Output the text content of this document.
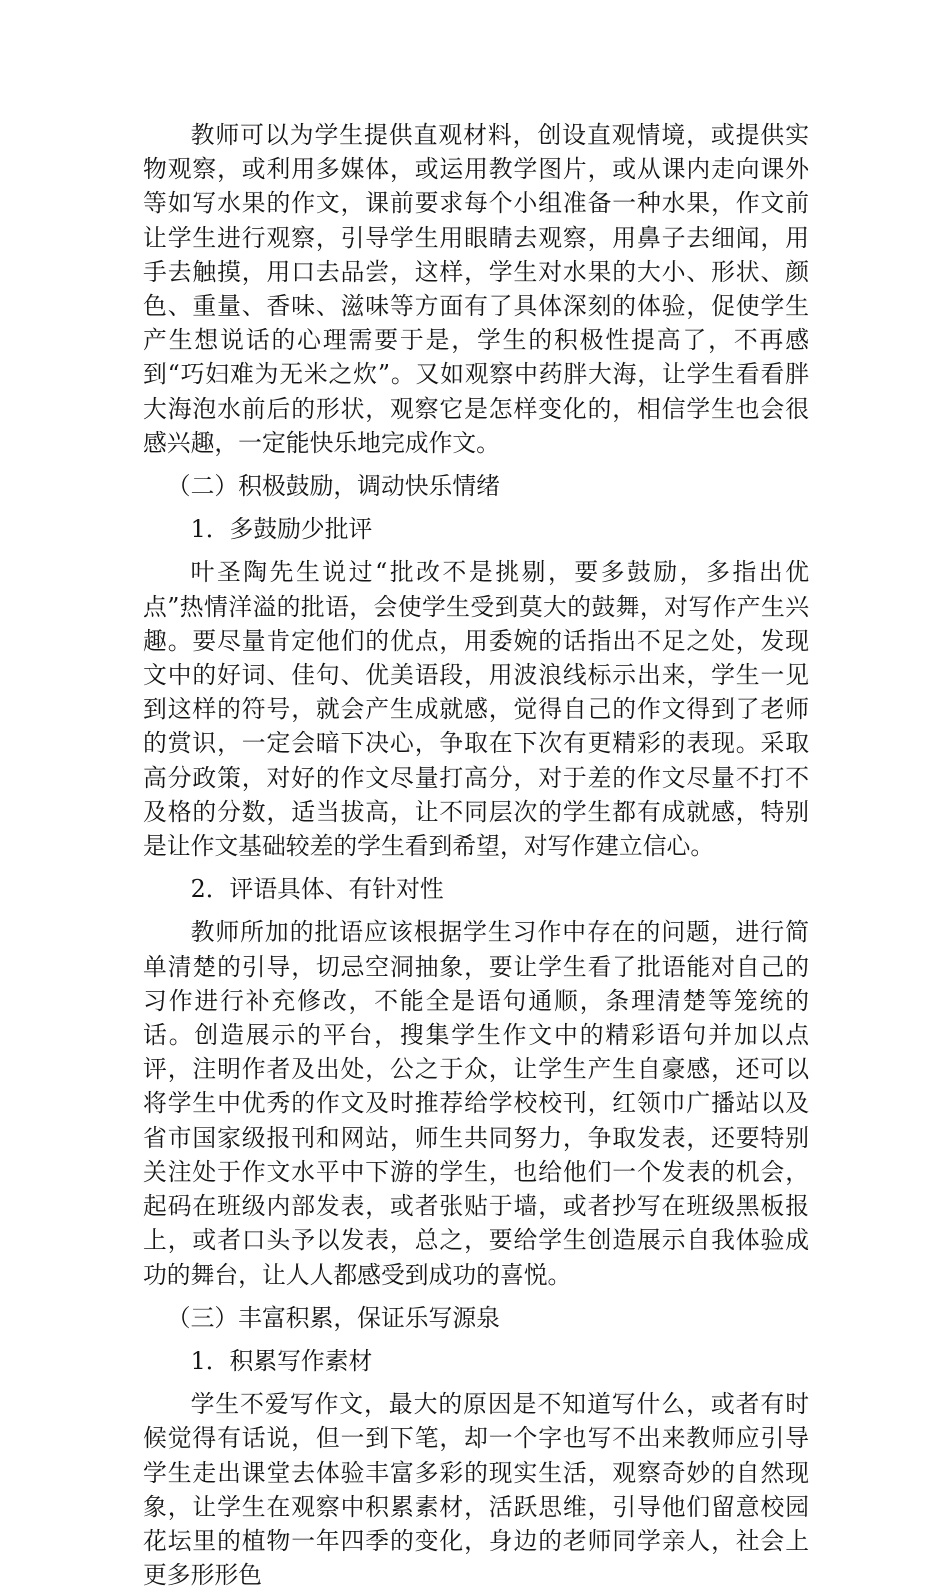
教师可以为学生提供直观材料，创设直观情境，或提供实物观察，或利用多媒体，或运用教学图片，或从课内走向课外等如写水果的作文，课前要求每个小组准备一种水果，作文前让学生进行观察，引导学生用眼睛去观察，用鼻子去细闻，用手去触摸，用口去品尝，这样，学生对水果的大小、形状、颜色、重量、香味、滋味等方面有了具体深刻的体验，促使学生产生想说话的心理需要于是，学生的积极性提高了，不再感到“巧妇难为无米之炊”。又如观察中药胖大海，让学生看看胖大海泡水前后的形状，观察它是怎样变化的，相信学生也会很感兴趣，一定能快乐地完成作文。

（二）积极鼓励，调动快乐情绪

1．多鼓励少批评

叶圣陶先生说过“批改不是挑剔，要多鼓励，多指出优点”热情洋溢的批语，会使学生受到莫大的鼓舞，对写作产生兴趣。要尽量肯定他们的优点，用委婉的话指出不足之处，发现文中的好词、佳句、优美语段，用波浪线标示出来，学生一见到这样的符号，就会产生成就感，觉得自己的作文得到了老师的赏识，一定会暗下决心，争取在下次有更精彩的表现。采取高分政策，对好的作文尽量打高分，对于差的作文尽量不打不及格的分数，适当拔高，让不同层次的学生都有成就感，特别是让作文基础较差的学生看到希望，对写作建立信心。

2．评语具体、有针对性

教师所加的批语应该根据学生习作中存在的问题，进行简单清楚的引导，切忌空洞抽象，要让学生看了批语能对自己的习作进行补充修改，不能全是语句通顺，条理清楚等笼统的话。创造展示的平台，搜集学生作文中的精彩语句并加以点评，注明作者及出处，公之于众，让学生产生自豪感，还可以将学生中优秀的作文及时推荐给学校校刊，红领巾广播站以及省市国家级报刊和网站，师生共同努力，争取发表，还要特别关注处于作文水平中下游的学生，也给他们一个发表的机会，起码在班级内部发表，或者张贴于墙，或者抄写在班级黑板报上，或者口头予以发表，总之，要给学生创造展示自我体验成功的舞台，让人人都感受到成功的喜悦。

（三）丰富积累，保证乐写源泉

1．积累写作素材

学生不爱写作文，最大的原因是不知道写什么，或者有时候觉得有话说，但一到下笔，却一个字也写不出来教师应引导学生走出课堂去体验丰富多彩的现实生活，观察奇妙的自然现象，让学生在观察中积累素材，活跃思维，引导他们留意校园花坛里的植物一年四季的变化，身边的老师同学亲人，社会上更多形形色
